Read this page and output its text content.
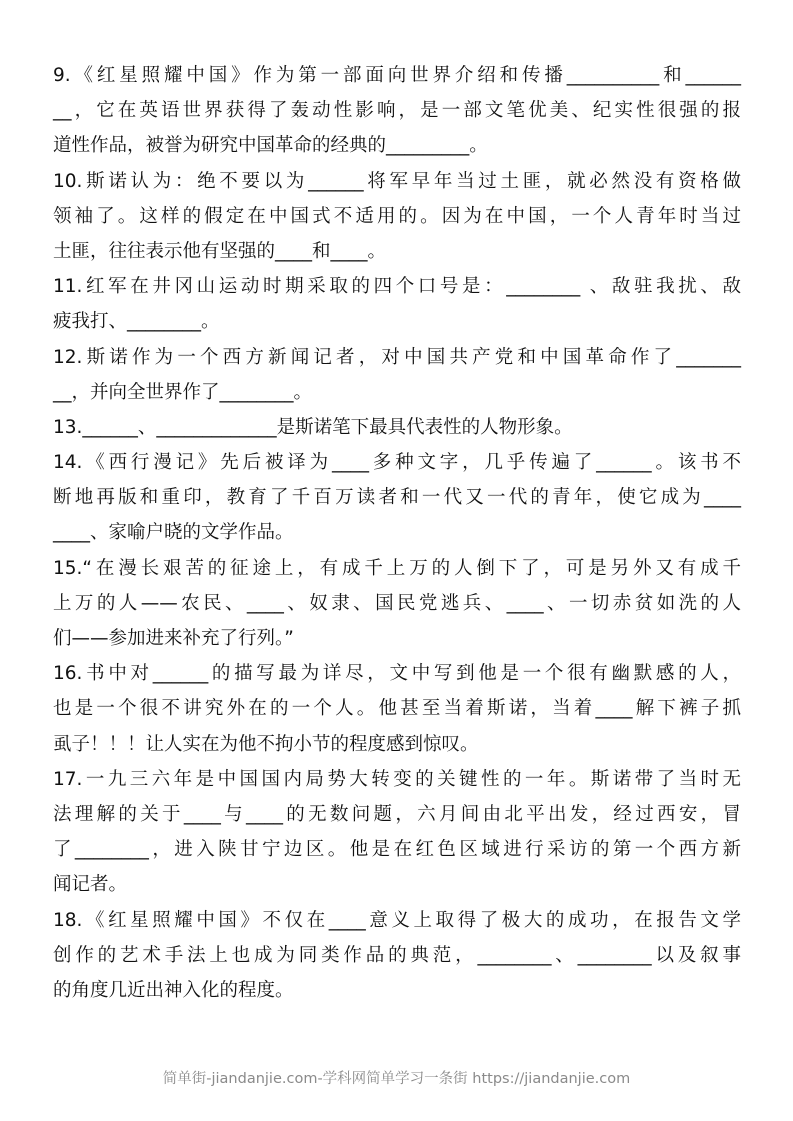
9.《红星照耀中国》作为第一部面向世界介绍和传播__________和______
__，它在英语世界获得了轰动性影响，是一部文笔优美、纪实性很强的报
道性作品，被誉为研究中国革命的经典的_________。
10.斯诺认为：绝不要以为______将军早年当过土匪，就必然没有资格做
领袖了。这样的假定在中国式不适用的。因为在中国，一个人青年时当过
土匪，往往表示他有坚强的____和____。
11.红军在井冈山运动时期采取的四个口号是：________ 、敌驻我扰、敌
疲我打、________。
12.斯诺作为一个西方新闻记者，对中国共产党和中国革命作了_______
__，并向全世界作了________。
13.______、_____________是斯诺笔下最具代表性的人物形象。
14.《西行漫记》先后被译为____多种文字，几乎传遍了______。该书不
断地再版和重印，教育了千百万读者和一代又一代的青年，使它成为____
____、家喻户晓的文学作品。
15.“在漫长艰苦的征途上，有成千上万的人倒下了，可是另外又有成千
上万的人——农民、____、奴隶、国民党逃兵、____、一切赤贫如洗的人
们——参加进来补充了行列。”
16.书中对______的描写最为详尽，文中写到他是一个很有幽默感的人，
也是一个很不讲究外在的一个人。他甚至当着斯诺，当着____解下裤子抓
虱子！！！让人实在为他不拘小节的程度感到惊叹。
17.一九三六年是中国国内局势大转变的关键性的一年。斯诺带了当时无
法理解的关于____与____的无数问题，六月间由北平出发，经过西安，冒
了________，进入陕甘宁边区。他是在红色区域进行采访的第一个西方新
闻记者。
18.《红星照耀中国》不仅在____意义上取得了极大的成功，在报告文学
创作的艺术手法上也成为同类作品的典范，________、________以及叙事
的角度几近出神入化的程度。
简单街-jiandanjie.com-学科网简单学习一条街 https://jiandanjie.com
